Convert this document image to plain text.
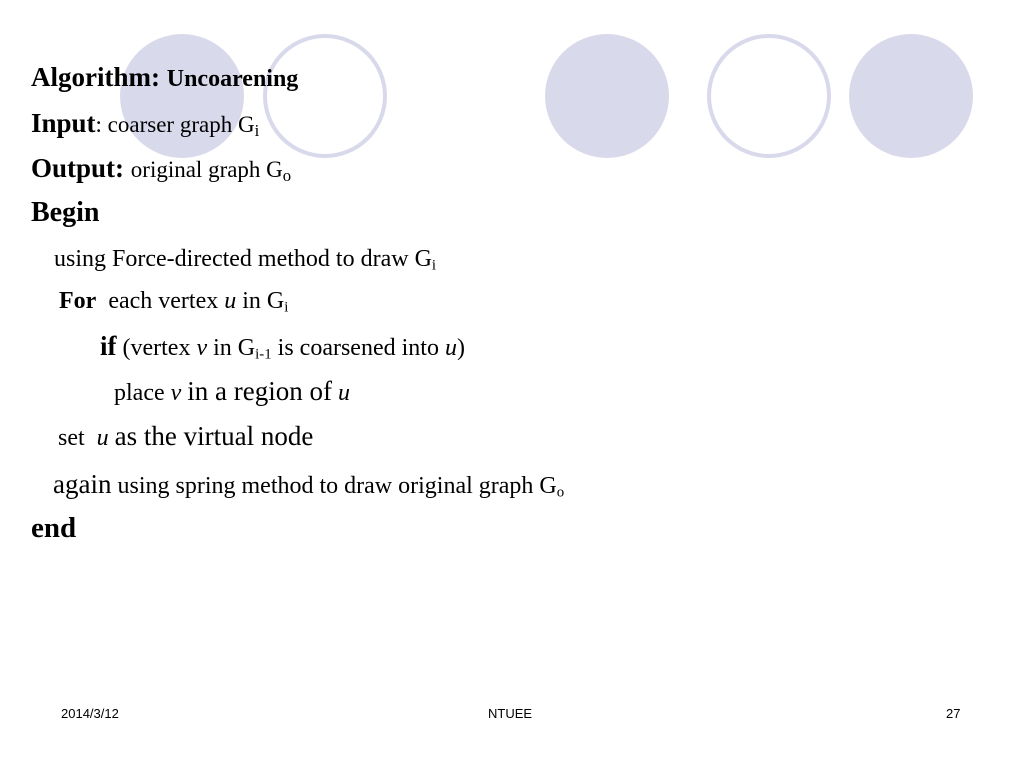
Algorithm: Uncoarening
Input: coarser graph $G_i$
Output: original graph $G_o$
Begin
using Force-directed method to draw $G_i$
For each vertex u in $G_i$
if (vertex v in $G_{i-1}$ is coarsened into u)
place v in a region of u
set u as the virtual node
again using spring method to draw original graph $G_o$
end
2014/3/12	NTUEE	27
